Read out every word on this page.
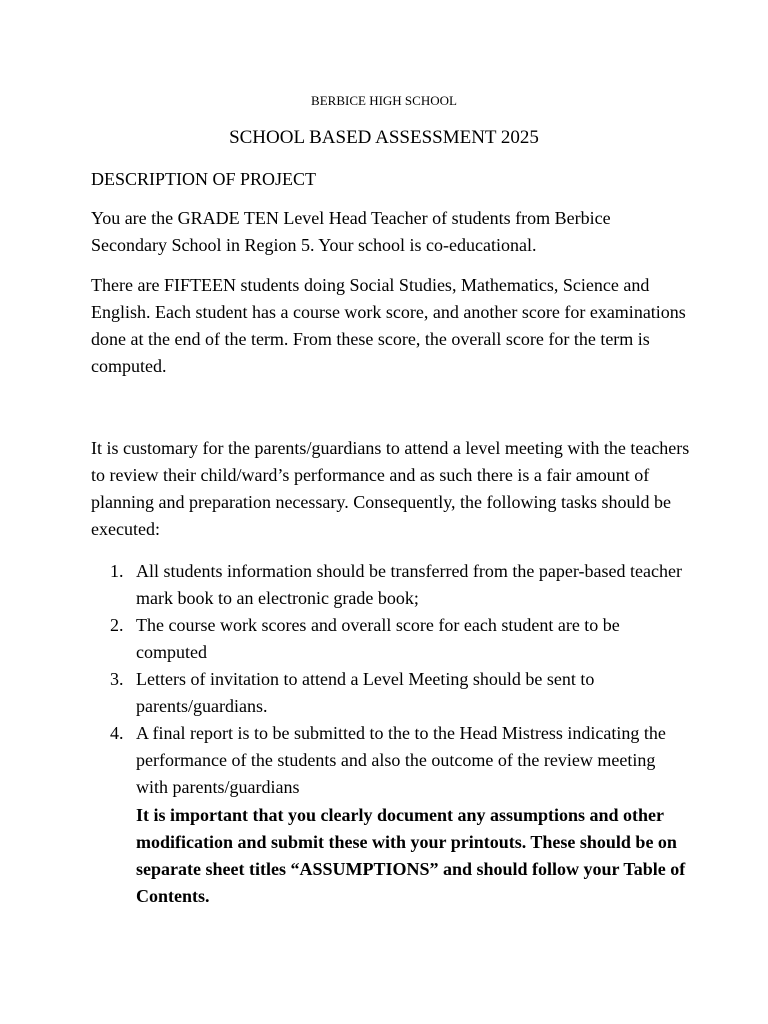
BERBICE HIGH SCHOOL
SCHOOL BASED ASSESSMENT 2025

DESCRIPTION OF PROJECT

You are the GRADE TEN Level Head Teacher of students from Berbice Secondary School in Region 5. Your school is co-educational.

There are FIFTEEN students doing Social Studies, Mathematics, Science and English. Each student has a course work score, and another score for examinations done at the end of the term. From these score, the overall score for the term is computed.

It is customary for the parents/guardians to attend a level meeting with the teachers to review their child/ward’s performance and as such there is a fair amount of planning and preparation necessary. Consequently, the following tasks should be executed:

1. All students information should be transferred from the paper-based teacher mark book to an electronic grade book;
2. The course work scores and overall score for each student are to be computed
3. Letters of invitation to attend a Level Meeting should be sent to parents/guardians.
4. A final report is to be submitted to the to the Head Mistress indicating the performance of the students and also the outcome of the review meeting with parents/guardians

It is important that you clearly document any assumptions and other modification and submit these with your printouts. These should be on separate sheet titles “ASSUMPTIONS” and should follow your Table of Contents.
